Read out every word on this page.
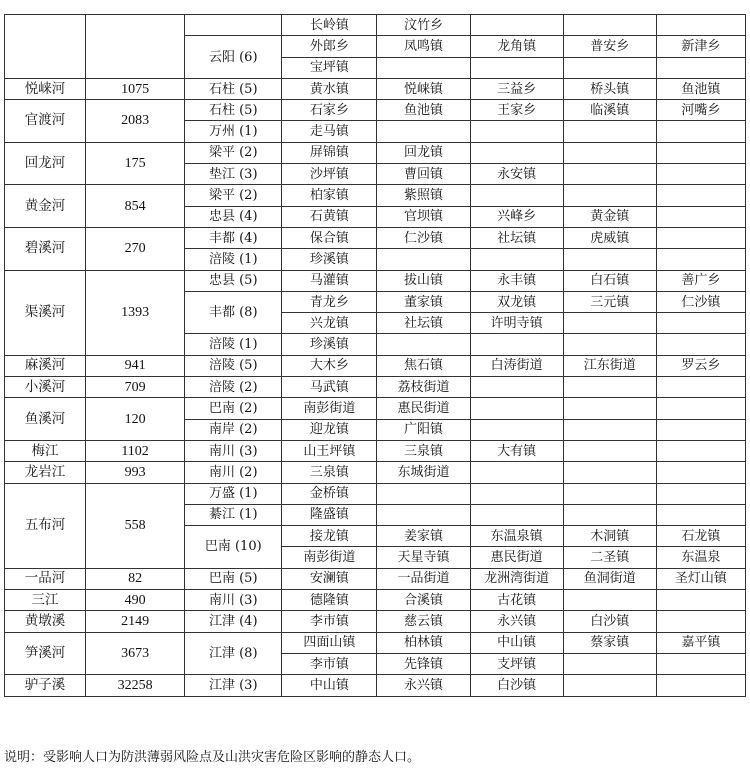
			长岭镇	汶竹乡			
		云阳 (6)	外郎乡	凤鸣镇	龙角镇	普安乡	新津乡
			宝坪镇				
悦崃河	1075	石柱 (5)	黄水镇	悦崃镇	三益乡	桥头镇	鱼池镇
官渡河	2083	石柱 (5)	石家乡	鱼池镇	王家乡	临溪镇	河嘴乡
		万州 (1)	走马镇				
回龙河	175	梁平 (2)	屏锦镇	回龙镇			
		垫江 (3)	沙坪镇	曹回镇	永安镇		
黄金河	854	梁平 (2)	柏家镇	紫照镇			
		忠县 (4)	石黄镇	官坝镇	兴峰乡	黄金镇	
碧溪河	270	丰都 (4)	保合镇	仁沙镇	社坛镇	虎威镇	
		涪陵 (1)	珍溪镇				
渠溪河	1393	忠县 (5)	马灌镇	拔山镇	永丰镇	白石镇	善广乡
		丰都 (8)	青龙乡	董家镇	双龙镇	三元镇	仁沙镇
			兴龙镇	社坛镇	许明寺镇		
		涪陵 (1)	珍溪镇				
麻溪河	941	涪陵 (5)	大木乡	焦石镇	白涛街道	江东街道	罗云乡
小溪河	709	涪陵 (2)	马武镇	荔枝街道			
鱼溪河	120	巴南 (2)	南彭街道	惠民街道			
		南岸 (2)	迎龙镇	广阳镇			
梅江	1102	南川 (3)	山王坪镇	三泉镇	大有镇		
龙岩江	993	南川 (2)	三泉镇	东城街道			
五布河	558	万盛 (1)	金桥镇				
		綦江 (1)	隆盛镇				
		巴南 (10)	接龙镇	姜家镇	东温泉镇	木洞镇	石龙镇
			南彭街道	天星寺镇	惠民街道	二圣镇	东温泉
一品河	82	巴南 (5)	安澜镇	一品街道	龙洲湾街道	鱼洞街道	圣灯山镇
三江	490	南川 (3)	德隆镇	合溪镇	古花镇		
黄墩溪	2149	江津 (4)	李市镇	慈云镇	永兴镇	白沙镇	
笋溪河	3673	江津 (8)	四面山镇	柏林镇	中山镇	蔡家镇	嘉平镇
			李市镇	先锋镇	支坪镇		
驴子溪	32258	江津 (3)	中山镇	永兴镇	白沙镇		
说明：受影响人口为防洪薄弱风险点及山洪灾害危险区影响的静态人口。
